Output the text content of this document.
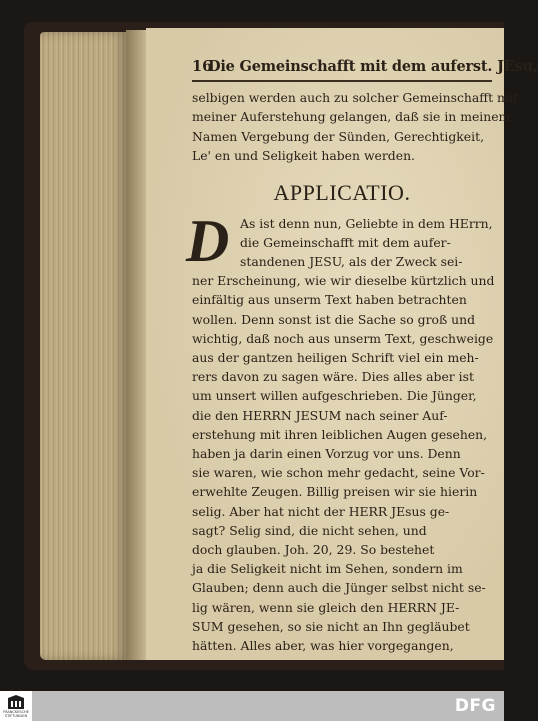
16
Die Gemeinschafft mit dem auferst. JEsu,
selbigen werden auch zu solcher Gemeinschafft mit
meiner Auferstehung gelangen, daß sie in meinem
Namen Vergebung der Sünden, Gerechtigkeit,
Le' en und Seligkeit haben werden.
APPLICATIO.
D As ist denn nun, Geliebte in dem HErrn,
die Gemeinschafft mit dem aufer-
standenen JESU, als der Zweck sei-
ner Erscheinung, wie wir dieselbe kürtzlich und
einfältig aus unserm Text haben betrachten
wollen. Denn sonst ist die Sache so groß und
wichtig, daß noch aus unserm Text, geschweige
aus der gantzen heiligen Schrift viel ein meh-
rers davon zu sagen wäre. Dies alles aber ist
um unsert willen aufgeschrieben. Die Jünger,
die den HERRN JESUM nach seiner Auf-
erstehung mit ihren leiblichen Augen gesehen,
haben ja darin einen Vorzug vor uns. Denn
sie waren, wie schon mehr gedacht, seine Vor-
erwehlte Zeugen. Billig preisen wir sie hierin
selig. Aber hat nicht der HERR JEsus ge-
sagt? Selig sind, die nicht sehen, und
doch glauben. Joh. 20, 29. So bestehet
ja die Seligkeit nicht im Sehen, sondern im
Glauben; denn auch die Jünger selbst nicht se-
lig wären, wenn sie gleich den HERRN JE-
SUM gesehen, so sie nicht an Ihn gegläubet
hätten. Alles aber, was hier vorgegangen,
und
FRANCKESCHE STIFTUNGEN	DFG
